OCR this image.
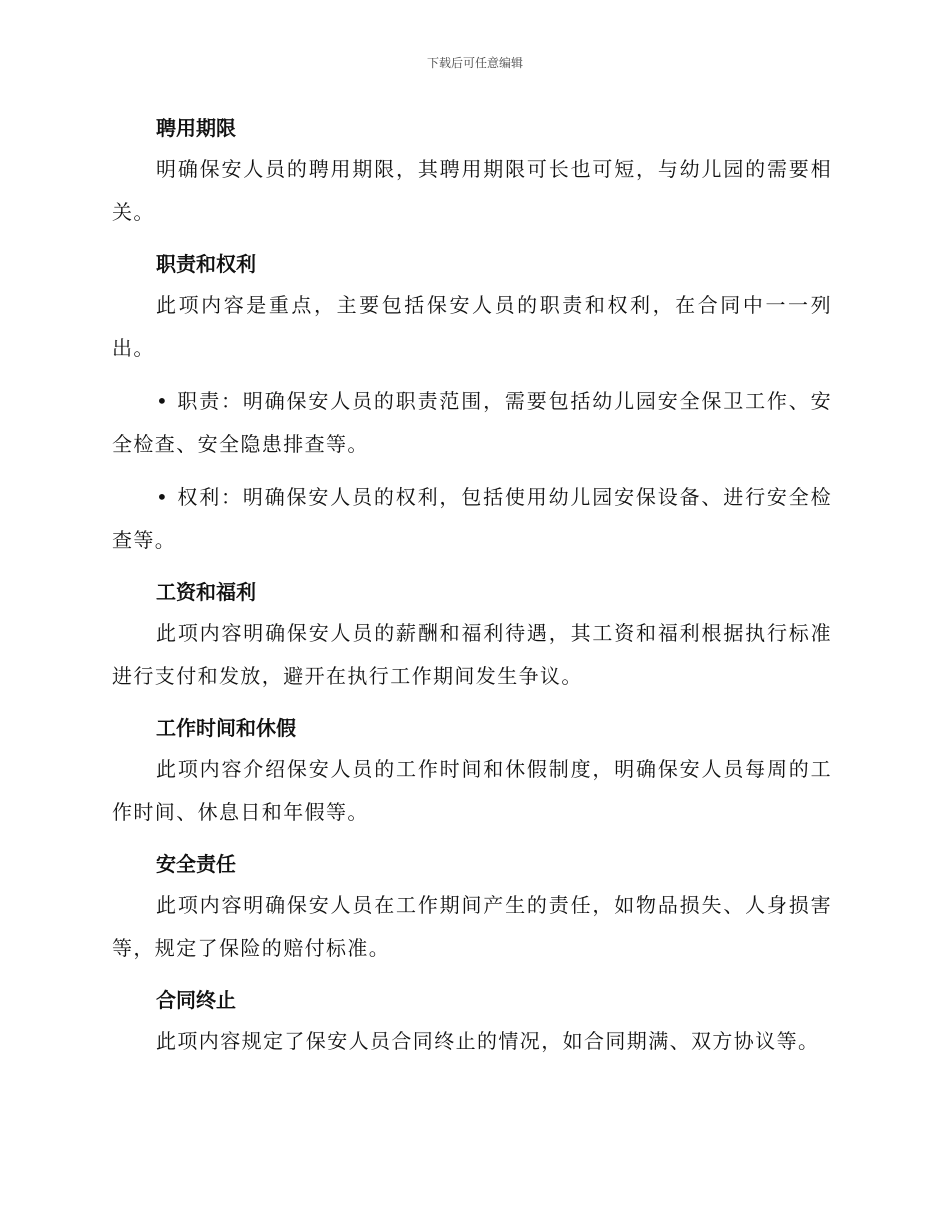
下载后可任意编辑
聘用期限

明确保安人员的聘用期限，其聘用期限可长也可短，与幼儿园的需要相关。

职责和权利

此项内容是重点，主要包括保安人员的职责和权利，在合同中一一列出。

• 职责：明确保安人员的职责范围，需要包括幼儿园安全保卫工作、安全检查、安全隐患排查等。

• 权利：明确保安人员的权利，包括使用幼儿园安保设备、进行安全检查等。

工资和福利

此项内容明确保安人员的薪酬和福利待遇，其工资和福利根据执行标准进行支付和发放，避开在执行工作期间发生争议。

工作时间和休假

此项内容介绍保安人员的工作时间和休假制度，明确保安人员每周的工作时间、休息日和年假等。

安全责任

此项内容明确保安人员在工作期间产生的责任，如物品损失、人身损害等，规定了保险的赔付标准。

合同终止

此项内容规定了保安人员合同终止的情况，如合同期满、双方协议等。
